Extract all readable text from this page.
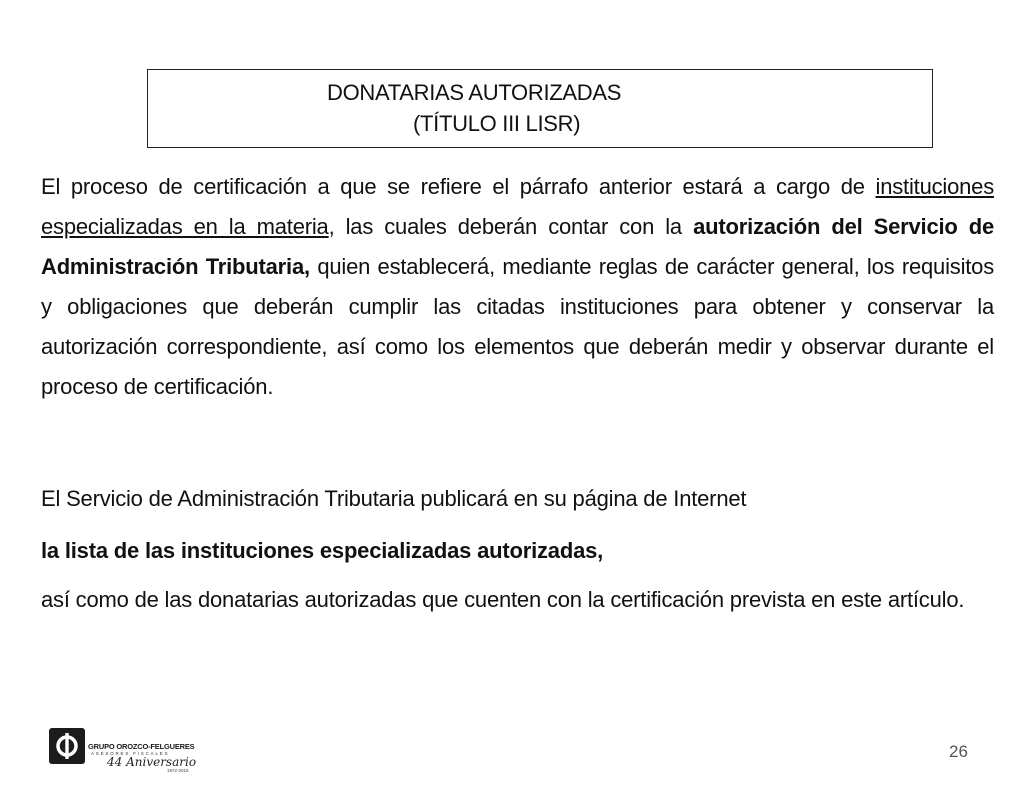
DONATARIAS AUTORIZADAS
(TÍTULO III LISR)
El proceso de certificación a que se refiere el párrafo anterior estará a cargo de instituciones especializadas en la materia, las cuales deberán contar con la autorización del Servicio de Administración Tributaria, quien establecerá, mediante reglas de carácter general, los requisitos y obligaciones que deberán cumplir las citadas instituciones para obtener y conservar la autorización correspondiente, así como los elementos que deberán medir y observar durante el proceso de certificación.
El Servicio de Administración Tributaria publicará en su página de Internet
la lista de las instituciones especializadas autorizadas,
así como de las donatarias autorizadas que cuenten con la certificación prevista en este artículo.
GRUPO OROZCO-FELGUERES
ASESORES FISCALES
44 Aniversario
1972-2016
26
